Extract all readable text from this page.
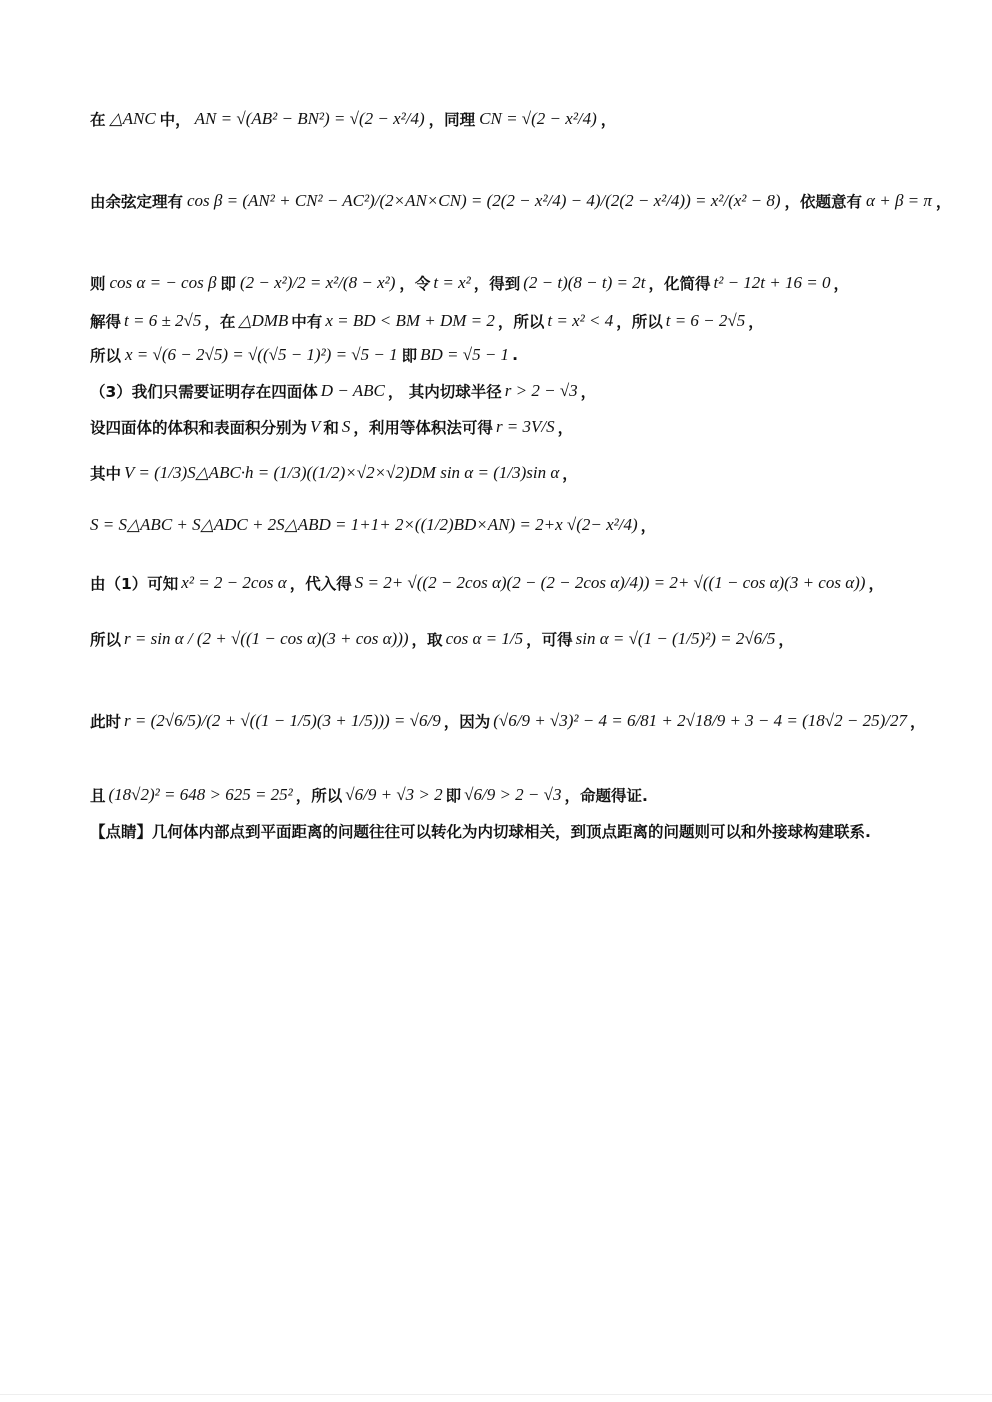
在 △ANC 中， AN = √(AB² − BN²) = √(2 − x²/4) ，同理 CN = √(2 − x²/4) ，
由余弦定理有 cos β = (AN² + CN² − AC²)/(2×AN×CN) = (2(2 − x²/4) − 4)/(2(2 − x²/4)) = x²/(x² − 8) ，依题意有 α + β = π ，
则 cos α = − cos β 即 (2 − x²)/2 = x²/(8 − x²) ，令 t = x² ，得到 (2 − t)(8 − t) = 2t ，化简得 t² − 12t + 16 = 0 ，
解得 t = 6 ± 2√5 ，在 △DMB 中有 x = BD < BM + DM = 2 ，所以 t = x² < 4 ，所以 t = 6 − 2√5 ，
所以 x = √(6 − 2√5) = √((√5 − 1)²) = √5 − 1 即 BD = √5 − 1 .
（3）我们只需要证明存在四面体 D − ABC ， 其内切球半径 r > 2 − √3 ，
设四面体的体积和表面积分别为 V 和 S ，利用等体积法可得 r = 3V/S ，
其中 V = (1/3)S△ABC·h = (1/3)((1/2)×√2×√2)DM sin α = (1/3)sin α ，
S = S△ABC + S△ADC + 2S△ABD = 1+1+ 2×((1/2)BD×AN) = 2+x √(2− x²/4) ，
由（1）可知 x² = 2 − 2cos α ，代入得 S = 2+ √((2 − 2cos α)(2 − (2 − 2cos α)/4)) = 2+ √((1 − cos α)(3 + cos α)) ，
所以 r = sin α / (2 + √((1 − cos α)(3 + cos α))) ，取 cos α = 1/5 ，可得 sin α = √(1 − (1/5)²) = 2√6/5 ，
此时 r = (2√6/5)/(2 + √((1 − 1/5)(3 + 1/5))) = √6/9 ，因为 (√6/9 + √3)² − 4 = 6/81 + 2√18/9 + 3 − 4 = (18√2 − 25)/27 ，
且 (18√2)² = 648 > 625 = 25² ，所以 √6/9 + √3 > 2 即 √6/9 > 2 − √3 ，命题得证.
【点睛】几何体内部点到平面距离的问题往往可以转化为内切球相关，到顶点距离的问题则可以和外接球构建联系.
